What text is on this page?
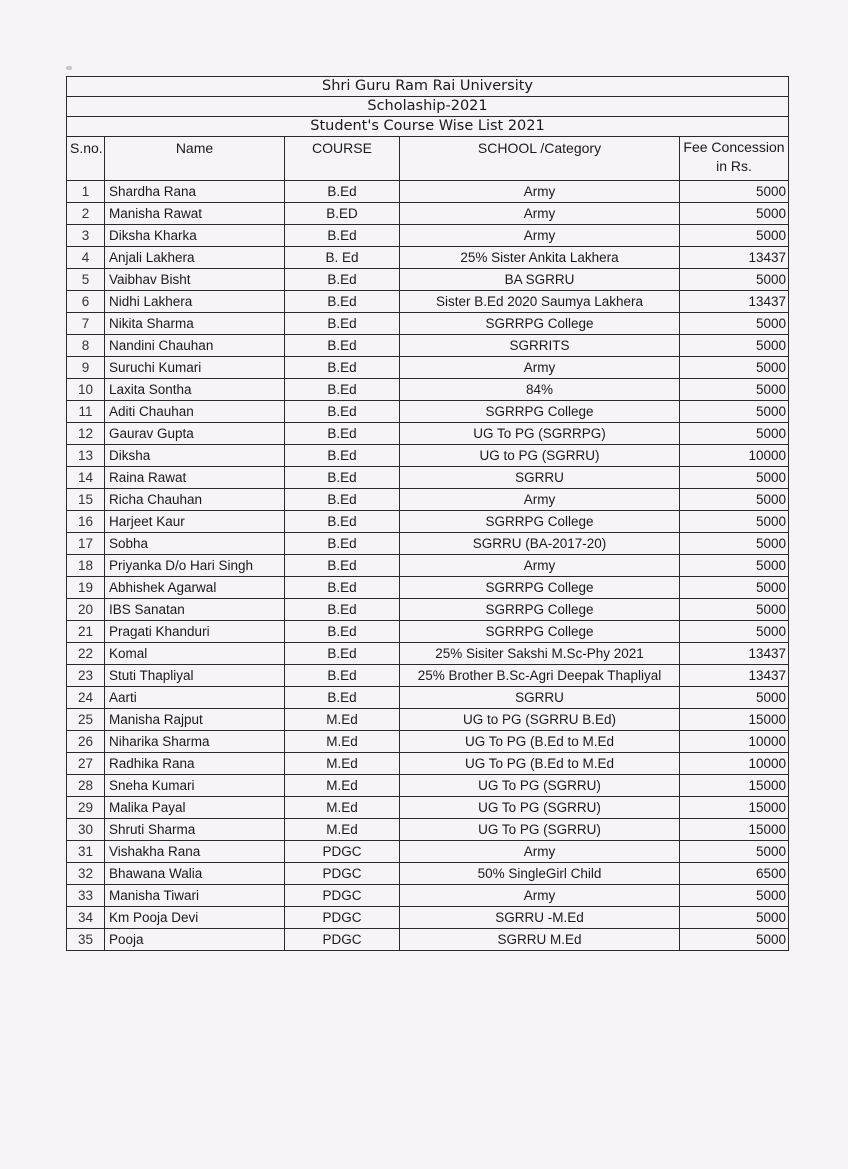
Shri Guru Ram Rai University				
Scholaship-2021				
Student's Course Wise List 2021				
S.no.	Name	COURSE	SCHOOL /Category	Fee Concession
in Rs.
1	Shardha Rana	B.Ed	Army	5000
2	Manisha Rawat	B.ED	Army	5000
3	Diksha Kharka	B.Ed	Army	5000
4	Anjali Lakhera	B. Ed	25% Sister Ankita Lakhera	13437
5	Vaibhav Bisht	B.Ed	BA SGRRU	5000
6	Nidhi Lakhera	B.Ed	Sister B.Ed 2020 Saumya Lakhera	13437
7	Nikita Sharma	B.Ed	SGRRPG College	5000
8	Nandini Chauhan	B.Ed	SGRRITS	5000
9	Suruchi Kumari	B.Ed	Army	5000
10	Laxita Sontha	B.Ed	84%	5000
11	Aditi Chauhan	B.Ed	SGRRPG College	5000
12	Gaurav Gupta	B.Ed	UG To PG (SGRRPG)	5000
13	Diksha	B.Ed	UG to PG (SGRRU)	10000
14	Raina Rawat	B.Ed	SGRRU	5000
15	Richa Chauhan	B.Ed	Army	5000
16	Harjeet Kaur	B.Ed	SGRRPG College	5000
17	Sobha	B.Ed	SGRRU (BA-2017-20)	5000
18	Priyanka D/o Hari Singh	B.Ed	Army	5000
19	Abhishek Agarwal	B.Ed	SGRRPG College	5000
20	IBS Sanatan	B.Ed	SGRRPG College	5000
21	Pragati Khanduri	B.Ed	SGRRPG College	5000
22	Komal	B.Ed	25% Sisiter Sakshi M.Sc-Phy 2021	13437
23	Stuti Thapliyal	B.Ed	25% Brother B.Sc-Agri Deepak Thapliyal	13437
24	Aarti	B.Ed	SGRRU	5000
25	Manisha Rajput	M.Ed	UG to PG (SGRRU B.Ed)	15000
26	Niharika Sharma	M.Ed	UG To PG (B.Ed to M.Ed	10000
27	Radhika Rana	M.Ed	UG To PG (B.Ed to M.Ed	10000
28	Sneha Kumari	M.Ed	UG To PG (SGRRU)	15000
29	Malika Payal	M.Ed	UG To PG (SGRRU)	15000
30	Shruti Sharma	M.Ed	UG To PG (SGRRU)	15000
31	Vishakha Rana	PDGC	Army	5000
32	Bhawana Walia	PDGC	50% SingleGirl Child	6500
33	Manisha Tiwari	PDGC	Army	5000
34	Km Pooja Devi	PDGC	SGRRU -M.Ed	5000
35	Pooja	PDGC	SGRRU M.Ed	5000
